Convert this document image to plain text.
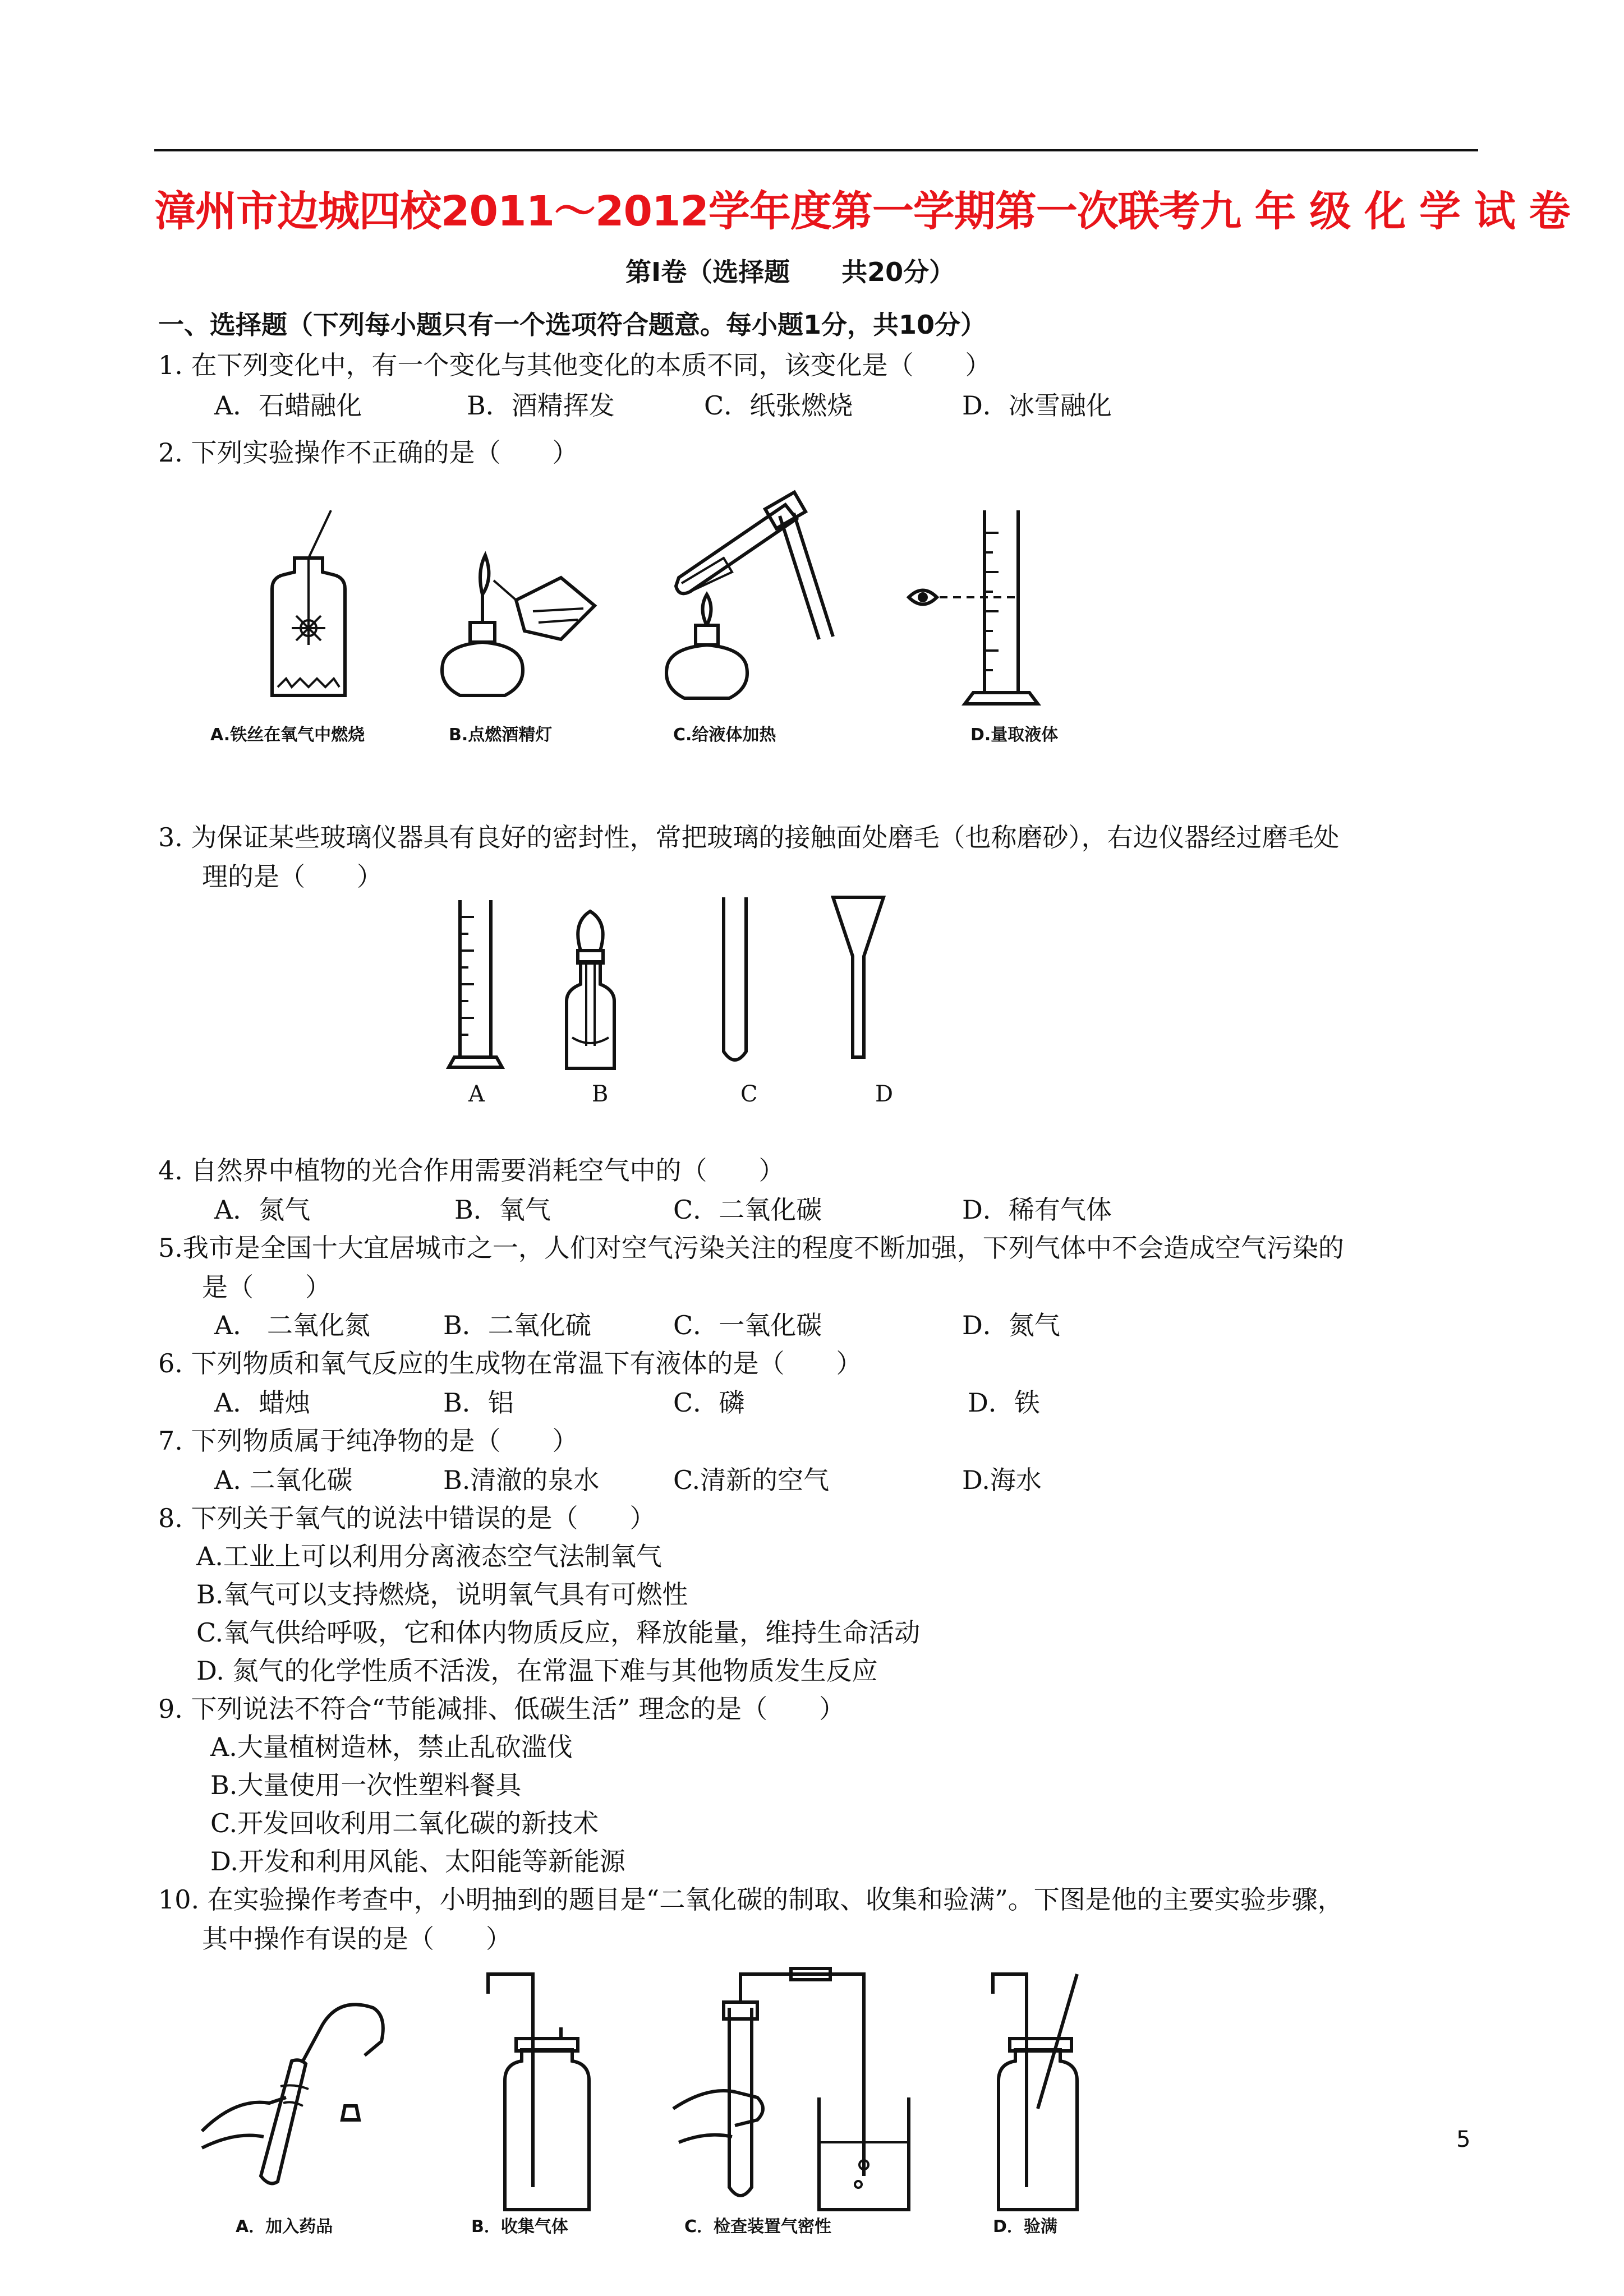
漳州市边城四校2011～2012学年度第一学期第一次联考九 年 级 化 学 试 卷
第Ⅰ卷（选择题　　共20分）
一、选择题（下列每小题只有一个选项符合题意。每小题1分，共10分）
1. 在下列变化中，有一个变化与其他变化的本质不同，该变化是（　　）
A．石蜡融化	B．酒精挥发	C．纸张燃烧	D．冰雪融化
2. 下列实验操作不正确的是（　　）
A.铁丝在氧气中燃烧	B.点燃酒精灯	C.给液体加热	D.量取液体
3. 为保证某些玻璃仪器具有良好的密封性，常把玻璃的接触面处磨毛（也称磨砂），右边仪器经过磨毛处
理的是（　　）
A	B	C	D
4. 自然界中植物的光合作用需要消耗空气中的（　　）
A．氮气	B．氧气	C．二氧化碳	D．稀有气体
5.我市是全国十大宜居城市之一，人们对空气污染关注的程度不断加强，下列气体中不会造成空气污染的
是（　　）
A． 二氧化氮	B．二氧化硫	C．一氧化碳	D．氮气
6. 下列物质和氧气反应的生成物在常温下有液体的是（　　）
A．蜡烛	B．铝	C．磷	D．铁
7. 下列物质属于纯净物的是（　　）
A. 二氧化碳	B.清澈的泉水	C.清新的空气	D.海水
8. 下列关于氧气的说法中错误的是（　　）
A.工业上可以利用分离液态空气法制氧气
B.氧气可以支持燃烧，说明氧气具有可燃性
C.氧气供给呼吸，它和体内物质反应，释放能量，维持生命活动
D. 氮气的化学性质不活泼，在常温下难与其他物质发生反应
9. 下列说法不符合“节能减排、低碳生活” 理念的是（　　）
A.大量植树造林，禁止乱砍滥伐
B.大量使用一次性塑料餐具
C.开发回收利用二氧化碳的新技术
D.开发和利用风能、太阳能等新能源
10. 在实验操作考查中，小明抽到的题目是“二氧化碳的制取、收集和验满”。下图是他的主要实验步骤，
其中操作有误的是（　　）
A．加入药品	B．收集气体	C．检查装置气密性	D．验满
5
